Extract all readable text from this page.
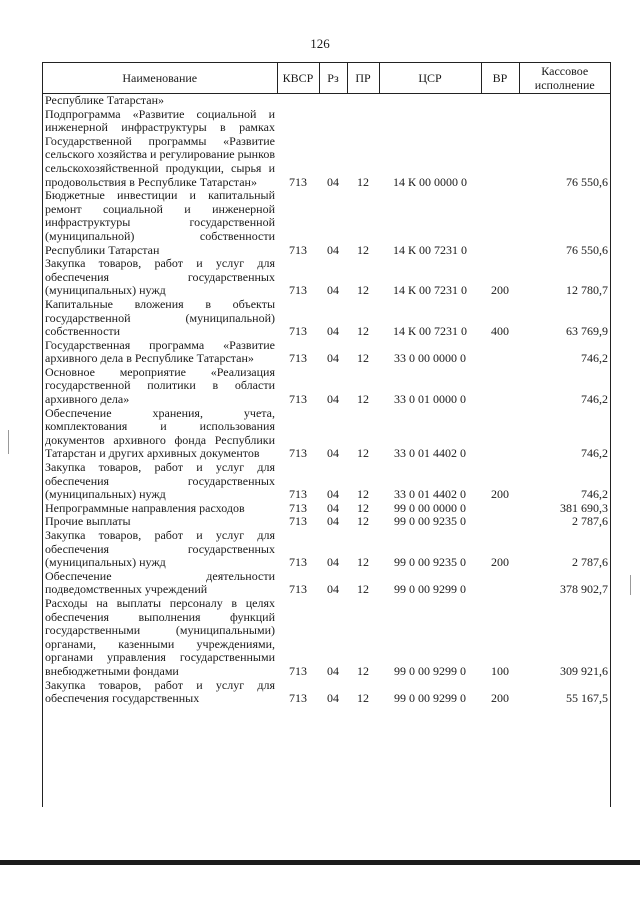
126
Наименование	КВСР	Рз	ПР	ЦСР	ВР	Кассовое исполнение
Республике Татарстан»						
Подпрограмма «Развитие социальной и инженерной инфраструктуры в рамках Государственной программы «Развитие сельского хозяйства и регулирование рынков сельскохозяйственной продукции, сырья и продовольствия в Республике Татарстан»	713	04	12	14 К 00 0000 0		76 550,6
Бюджетные инвестиции и капитальный ремонт социальной и инженерной инфраструктуры государственной (муниципальной) собственности Республики Татарстан	713	04	12	14 К 00 7231 0		76 550,6
Закупка товаров, работ и услуг для обеспечения государственных (муниципальных) нужд	713	04	12	14 К 00 7231 0	200	12 780,7
Капитальные вложения в объекты государственной (муниципальной) собственности	713	04	12	14 К 00 7231 0	400	63 769,9
Государственная программа «Развитие архивного дела в Республике Татарстан»	713	04	12	33 0 00 0000 0		746,2
Основное мероприятие «Реализация государственной политики в области архивного дела»	713	04	12	33 0 01 0000 0		746,2
Обеспечение хранения, учета, комплектования и использования документов архивного фонда Республики Татарстан и других архивных документов	713	04	12	33 0 01 4402 0		746,2
Закупка товаров, работ и услуг для обеспечения государственных (муниципальных) нужд	713	04	12	33 0 01 4402 0	200	746,2
Непрограммные направления расходов	713	04	12	99 0 00 0000 0		381 690,3
Прочие выплаты	713	04	12	99 0 00 9235 0		2 787,6
Закупка товаров, работ и услуг для обеспечения государственных (муниципальных) нужд	713	04	12	99 0 00 9235 0	200	2 787,6
Обеспечение деятельности подведомственных учреждений	713	04	12	99 0 00 9299 0		378 902,7
Расходы на выплаты персоналу в целях обеспечения выполнения функций государственными (муниципальными) органами, казенными учреждениями, органами управления государственными внебюджетными фондами	713	04	12	99 0 00 9299 0	100	309 921,6
Закупка товаров, работ и услуг для обеспечения государственных	713	04	12	99 0 00 9299 0	200	55 167,5
